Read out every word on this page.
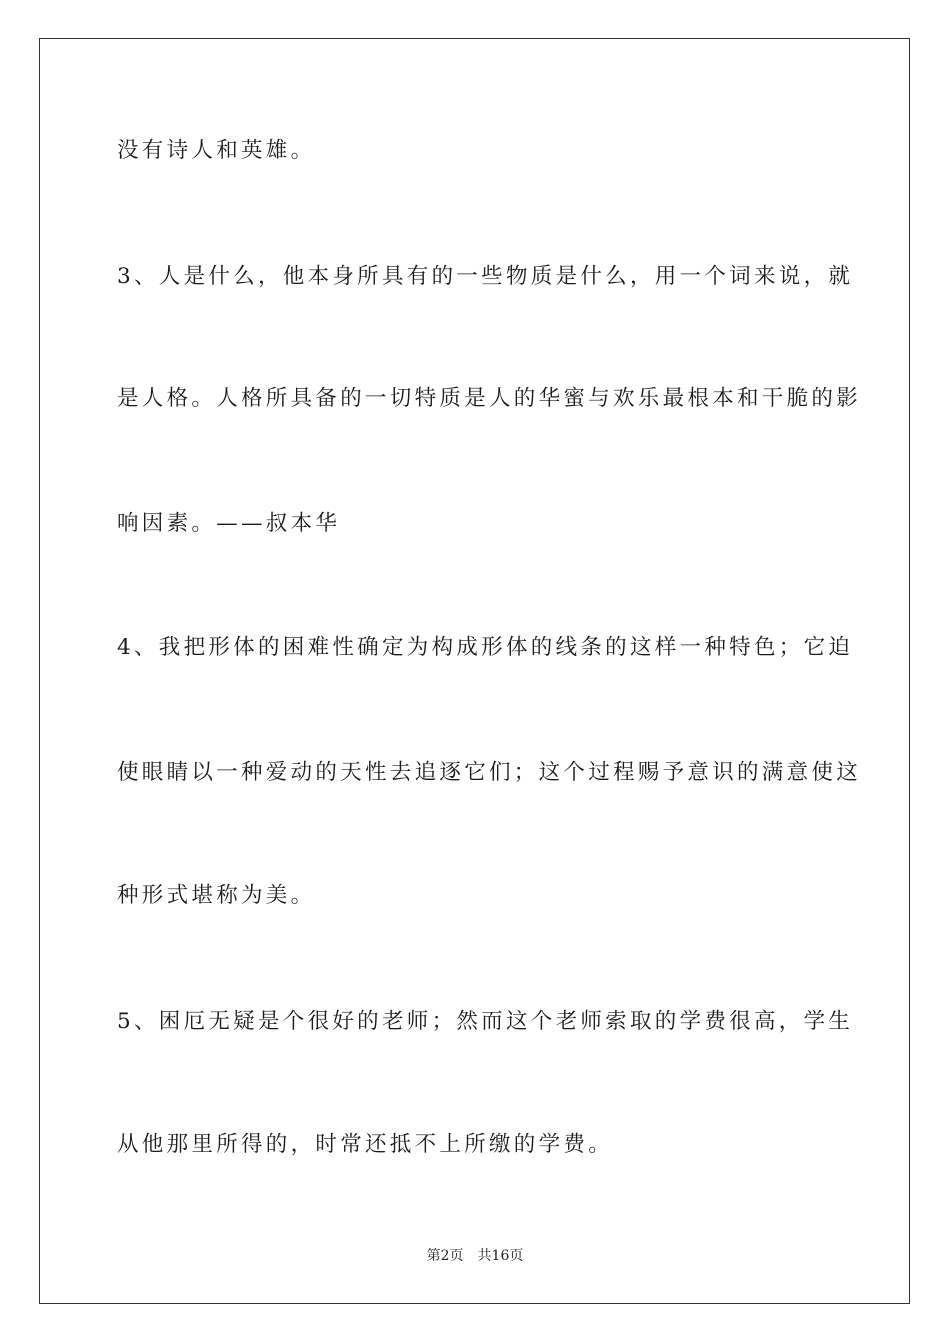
没有诗人和英雄。
3、人是什么，他本身所具有的一些物质是什么，用一个词来说，就
是人格。人格所具备的一切特质是人的华蜜与欢乐最根本和干脆的影
响因素。——叔本华
4、我把形体的困难性确定为构成形体的线条的这样一种特色；它迫
使眼睛以一种爱动的天性去追逐它们；这个过程赐予意识的满意使这
种形式堪称为美。
5、困厄无疑是个很好的老师；然而这个老师索取的学费很高，学生
从他那里所得的，时常还抵不上所缴的学费。
第2页 共16页
